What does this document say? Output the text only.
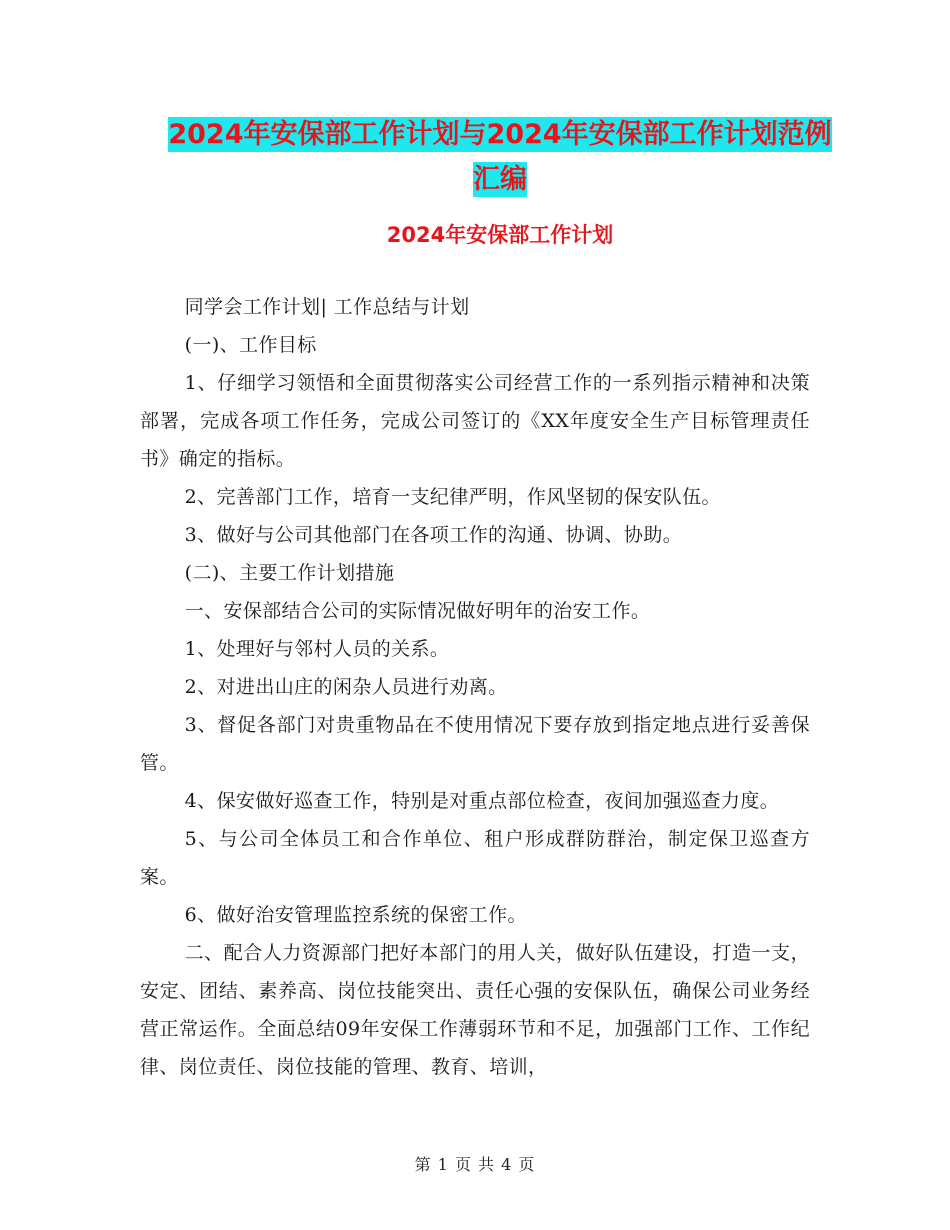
2024年安保部工作计划与2024年安保部工作计划范例
汇编
2024年安保部工作计划

同学会工作计划| 工作总结与计划

(一)、工作目标

1、仔细学习领悟和全面贯彻落实公司经营工作的一系列指示精神和决策部署，完成各项工作任务，完成公司签订的《XX年度安全生产目标管理责任书》确定的指标。

2、完善部门工作，培育一支纪律严明，作风坚韧的保安队伍。

3、做好与公司其他部门在各项工作的沟通、协调、协助。

(二)、主要工作计划措施

一、安保部结合公司的实际情况做好明年的治安工作。

1、处理好与邻村人员的关系。

2、对进出山庄的闲杂人员进行劝离。

3、督促各部门对贵重物品在不使用情况下要存放到指定地点进行妥善保管。

4、保安做好巡查工作，特别是对重点部位检查，夜间加强巡查力度。

5、与公司全体员工和合作单位、租户形成群防群治，制定保卫巡查方案。

6、做好治安管理监控系统的保密工作。

二、配合人力资源部门把好本部门的用人关，做好队伍建设，打造一支，安定、团结、素养高、岗位技能突出、责任心强的安保队伍，确保公司业务经营正常运作。全面总结09年安保工作薄弱环节和不足，加强部门工作、工作纪律、岗位责任、岗位技能的管理、教育、培训，

第 1 页 共 4 页
